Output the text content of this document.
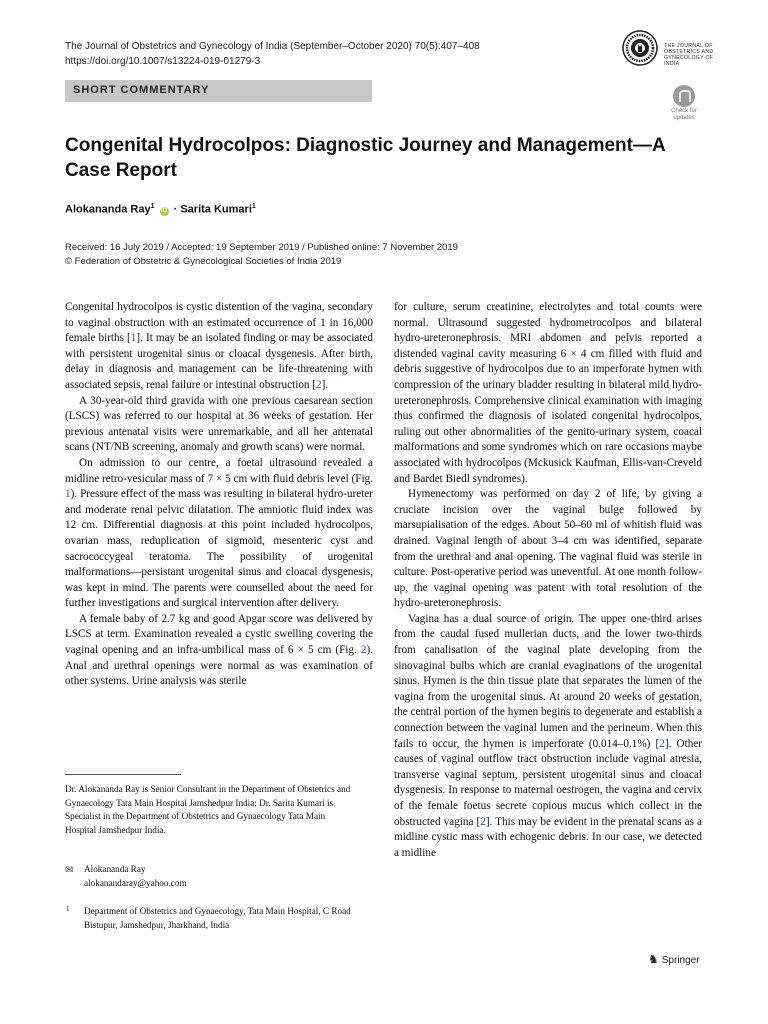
The Journal of Obstetrics and Gynecology of India (September–October 2020) 70(5):407–408
https://doi.org/10.1007/s13224-019-01279-3
THE JOURNAL OF OBSTETRICS AND GYNECOLOGY OF INDIA
SHORT COMMENTARY
Check for updates
Congenital Hydrocolpos: Diagnostic Journey and Management—A Case Report
Alokananda Ray$^1$ iD · Sarita Kumari$^1$
Received: 16 July 2019 / Accepted: 19 September 2019 / Published online: 7 November 2019
© Federation of Obstetric & Gynecological Societies of India 2019

Congenital hydrocolpos is cystic distention of the vagina, secondary to vaginal obstruction with an estimated occurrence of 1 in 16,000 female births [1]. It may be an isolated finding or may be associated with persistent urogenital sinus or cloacal dysgenesis. After birth, delay in diagnosis and management can be life-threatening with associated sepsis, renal failure or intestinal obstruction [2].

A 30-year-old third gravida with one previous caesarean section (LSCS) was referred to our hospital at 36 weeks of gestation. Her previous antenatal visits were unremarkable, and all her antenatal scans (NT/NB screening, anomaly and growth scans) were normal.

On admission to our centre, a foetal ultrasound revealed a midline retro-vesicular mass of 7 × 5 cm with fluid debris level (Fig. 1). Pressure effect of the mass was resulting in bilateral hydro-ureter and moderate renal pelvic dilatation. The amniotic fluid index was 12 cm. Differential diagnosis at this point included hydrocolpos, ovarian mass, reduplication of sigmoid, mesenteric cyst and sacrococcygeal teratoma. The possibility of urogenital malformations—persistant urogenital sinus and cloacal dysgenesis, was kept in mind. The parents were counselled about the need for further investigations and surgical intervention after delivery.

A female baby of 2.7 kg and good Apgar score was delivered by LSCS at term. Examination revealed a cystic swelling covering the vaginal opening and an infra-umbilical mass of 6 × 5 cm (Fig. 2). Anal and urethral openings were normal as was examination of other systems. Urine analysis was sterile

for culture, serum creatinine, electrolytes and total counts were normal. Ultrasound suggested hydrometrocolpos and bilateral hydro-ureteronephrosis. MRI abdomen and pelvis reported a distended vaginal cavity measuring 6 × 4 cm filled with fluid and debris suggestive of hydrocolpos due to an imperforate hymen with compression of the urinary bladder resulting in bilateral mild hydro-ureteronephrosis. Comprehensive clinical examination with imaging thus confirmed the diagnosis of isolated congenital hydrocolpos, ruling out other abnormalities of the genito-urinary system, coacal malformations and some syndromes which on rare occasions maybe associated with hydrocolpos (Mckusick Kaufman, Ellis-van-Creveld and Bardet Biedl syndromes).

Hymenectomy was performed on day 2 of life, by giving a cruciate incision over the vaginal bulge followed by marsupialisation of the edges. About 50–60 ml of whitish fluid was drained. Vaginal length of about 3–4 cm was identified, separate from the urethral and anal opening. The vaginal fluid was sterile in culture. Post-operative period was uneventful. At one month follow-up, the vaginal opening was patent with total resolution of the hydro-ureteronephrosis.

Vagina has a dual source of origin. The upper one-third arises from the caudal fused mullerian ducts, and the lower two-thirds from canalisation of the vaginal plate developing from the sinovaginal bulbs which are cranial evaginations of the urogenital sinus. Hymen is the thin tissue plate that separates the lumen of the vagina from the urogenital sinus. At around 20 weeks of gestation, the central portion of the hymen begins to degenerate and establish a connection between the vaginal lumen and the perineum. When this fails to occur, the hymen is imperforate (0.014–0.1%) [2]. Other causes of vaginal outflow tract obstruction include vaginal atresia, transverse vaginal septum, persistent urogenital sinus and cloacal dysgenesis. In response to maternal oestrogen, the vagina and cervix of the female foetus secrete copious mucus which collect in the obstructed vagina [2]. This may be evident in the prenatal scans as a midline cystic mass with echogenic debris. In our case, we detected a midline

Dr. Alokananda Ray is Senior Consultant in the Department of Obstetrics and Gynaecology Tata Main Hospital Jamshedpur India; Dr. Sarita Kumari is Specialist in the Department of Obstetrics and Gynaecology Tata Main Hospital Jamshedpur India.
✉	Alokananda Ray
alokanandaray@yahoo.com
1 Department of Obstetrics and Gynaecology, Tata Main Hospital, C Road Bistupur, Jamshedpur, Jharkhand, India
♞ Springer
